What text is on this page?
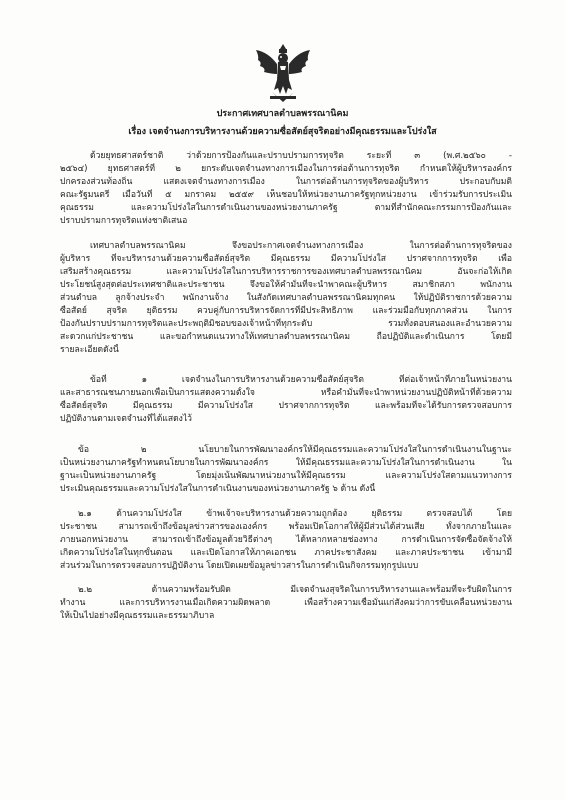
ประกาศเทศบาลตำบลพรรณานิคม
เรื่อง เจตจำนงการบริหารงานด้วยความซื่อสัตย์สุจริตอย่างมีคุณธรรมและโปร่งใส
ด้วยยุทธศาสตร์ชาติ ว่าด้วยการป้องกันและปราบปรามการทุจริต ระยะที่ ๓ (พ.ศ.๒๕๖๐ -
๒๕๖๔) ยุทธศาสตร์ที่ ๒ ยกระดับเจตจำนงทางการเมืองในการต่อต้านการทุจริต กำหนดให้ผู้บริหารองค์กร
ปกครองส่วนท้องถิ่น แสดงเจตจำนงทางการเมือง ในการต่อต้านการทุจริตของผู้บริหาร ประกอบกับมติ
คณะรัฐมนตรี เมื่อวันที่ ๕ มกราคม ๒๕๕๙ เห็นชอบให้หน่วยงานภาครัฐทุกหน่วยงาน เข้าร่วมรับการประเมิน
คุณธรรม และความโปร่งใสในการดำเนินงานของหน่วยงานภาครัฐ ตามที่สำนักคณะกรรมการป้องกันและ
ปราบปรามการทุจริตแห่งชาติเสนอ
เทศบาลตำบลพรรณานิคม จึงขอประกาศเจตจำนงทางการเมือง ในการต่อต้านการทุจริตของ
ผู้บริหาร ที่จะบริหารงานด้วยความซื่อสัตย์สุจริต มีคุณธรรม มีความโปร่งใส ปราศจากการทุจริต เพื่อ
เสริมสร้างคุณธรรม และความโปร่งใสในการบริหารราชการของเทศบาลตำบลพรรณานิคม อันจะก่อให้เกิด
ประโยชน์สูงสุดต่อประเทศชาติและประชาชน จึงขอให้คำมั่นที่จะนำพาคณะผู้บริหาร สมาชิกสภา พนักงาน
ส่วนตำบล ลูกจ้างประจำ พนักงานจ้าง ในสังกัดเทศบาลตำบลพรรณานิคมทุกคน ให้ปฏิบัติราชการด้วยความ
ซื่อสัตย์ สุจริต ยุติธรรม ควบคู่กับการบริหารจัดการที่มีประสิทธิภาพ และร่วมมือกับทุกภาคส่วน ในการ
ป้องกันปราบปรามการทุจริตและประพฤติมิชอบของเจ้าหน้าที่ทุกระดับ รวมทั้งตอบสนองและอำนวยความ
สะดวกแก่ประชาชน และขอกำหนดแนวทางให้เทศบาลตำบลพรรณานิคม ถือปฏิบัติและดำเนินการ โดยมี
รายละเอียดดังนี้
ข้อที่ ๑ เจตจำนงในการบริหารงานด้วยความซื่อสัตย์สุจริต ที่ต่อเจ้าหน้าที่ภายในหน่วยงาน
และสาธารณชนภายนอกเพื่อเป็นการแสดงความตั้งใจ หรือคำมั่นที่จะนำพาหน่วยงานปฏิบัติหน้าที่ด้วยความ
ซื่อสัตย์สุจริต มีคุณธรรม มีความโปร่งใส ปราศจากการทุจริต และพร้อมที่จะได้รับการตรวจสอบการ
ปฏิบัติงานตามเจตจำนงที่ได้แสดงไว้
ข้อ ๒ นโยบายในการพัฒนาองค์กรให้มีคุณธรรมและความโปร่งใสในการดำเนินงานในฐานะ
เป็นหน่วยงานภาครัฐทำหนดนโยบายในการพัฒนาองค์กร ให้มีคุณธรรมและความโปร่งใสในการดำเนินงาน ใน
ฐานะเป็นหน่วยงานภาครัฐ โดยมุ่งเน้นพัฒนาหน่วยงานให้มีคุณธรรม และความโปร่งใสตามแนวทางการ
ประเมินคุณธรรมและความโปร่งใสในการดำเนินงานของหน่วยงานภาครัฐ ๖ ด้าน ดังนี้
๒.๑ ด้านความโปร่งใส ข้าพเจ้าจะบริหารงานด้วยความถูกต้อง ยุติธรรม ตรวจสอบได้ โดย
ประชาชน สามารถเข้าถึงข้อมูลข่าวสารของเองค์กร พร้อมเปิดโอกาสให้ผู้มีส่วนได้ส่วนเสีย ทั้งจากภายในและ
ภายนอกหน่วยงาน สามารถเข้าถึงข้อมูลด้วยวิธีต่างๆ ได้หลากหลายช่องทาง การดำเนินการจัดซื้อจัดจ้างให้
เกิดความโปร่งใสในทุกขั้นตอน และเปิดโอกาสให้ภาคเอกชน ภาคประชาสังคม และภาคประชาชน เข้ามามี
ส่วนร่วมในการตรวจสอบการปฏิบัติงาน โดยเปิดเผยข้อมูลข่าวสารในการดำเนินกิจกรรมทุกรูปแบบ
๒.๒ ด้านความพร้อมรับผิด มีเจตจำนงสุจริตในการบริหารงานและพร้อมที่จะรับผิดในการ
ทำงาน และการบริหารงานเมื่อเกิดความผิดพลาด เพื่อสร้างความเชื่อมั่นแก่สังคมว่าการขับเคลื่อนหน่วยงาน
ให้เป็นไปอย่างมีคุณธรรมและธรรมาภิบาล
